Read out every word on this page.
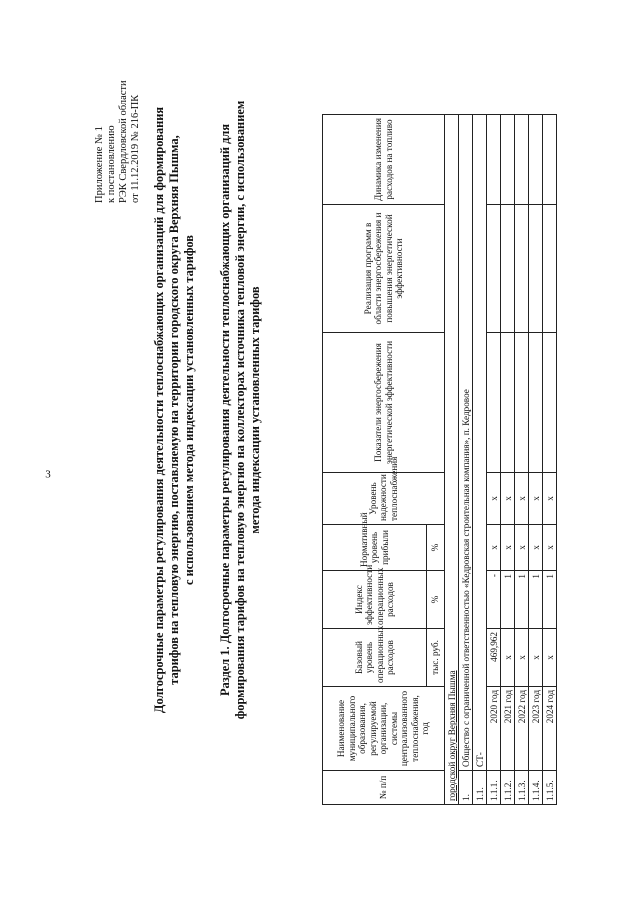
3
Приложение № 1 к постановлению РЭК Свердловской области от 11.12.2019 № 216-ПК Долгосрочные параметры регулирования деятельности теплоснабжающих организаций для формирования тарифов на тепловую энергию, поставляемую на территории городского округа Верхняя Пышма, с использованием метода индексации установленных тарифов Раздел 1. Долгосрочные параметры регулирования деятельности теплоснабжающих организаций для формирования тарифов на тепловую энергию на коллекторах источника тепловой энергии, с использованием метода индексации установленных тарифов
№ п/п	Наименование муниципального образования, регулируемой организации, системы централизованного теплоснабжения, год	Базовый уровень операционных расходов	Индекс эффективности операционных расходов	Нормативный уровень прибыли	Уровень надежности теплоснабжения	Показатели энергосбережения энергетической эффективности	Реализация программ в области энергосбережения и повышения энергетической эффективности	Динамика изменения расходов на топливо
		тыс. руб.	%	%				
городской округ Верхняя Пышма								
1.	Общество с ограниченной ответственностью «Кедровская строительная компания», п. Кедровое							
1.1.	СТ-							
1.1.1.	2020 год	469,962	-	х	х			
1.1.2.	2021 год	х	1	х	х			
1.1.3.	2022 год	х	1	х	х			
1.1.4.	2023 год	х	1	х	х			
1.1.5.	2024 год	х	1	х	х			
